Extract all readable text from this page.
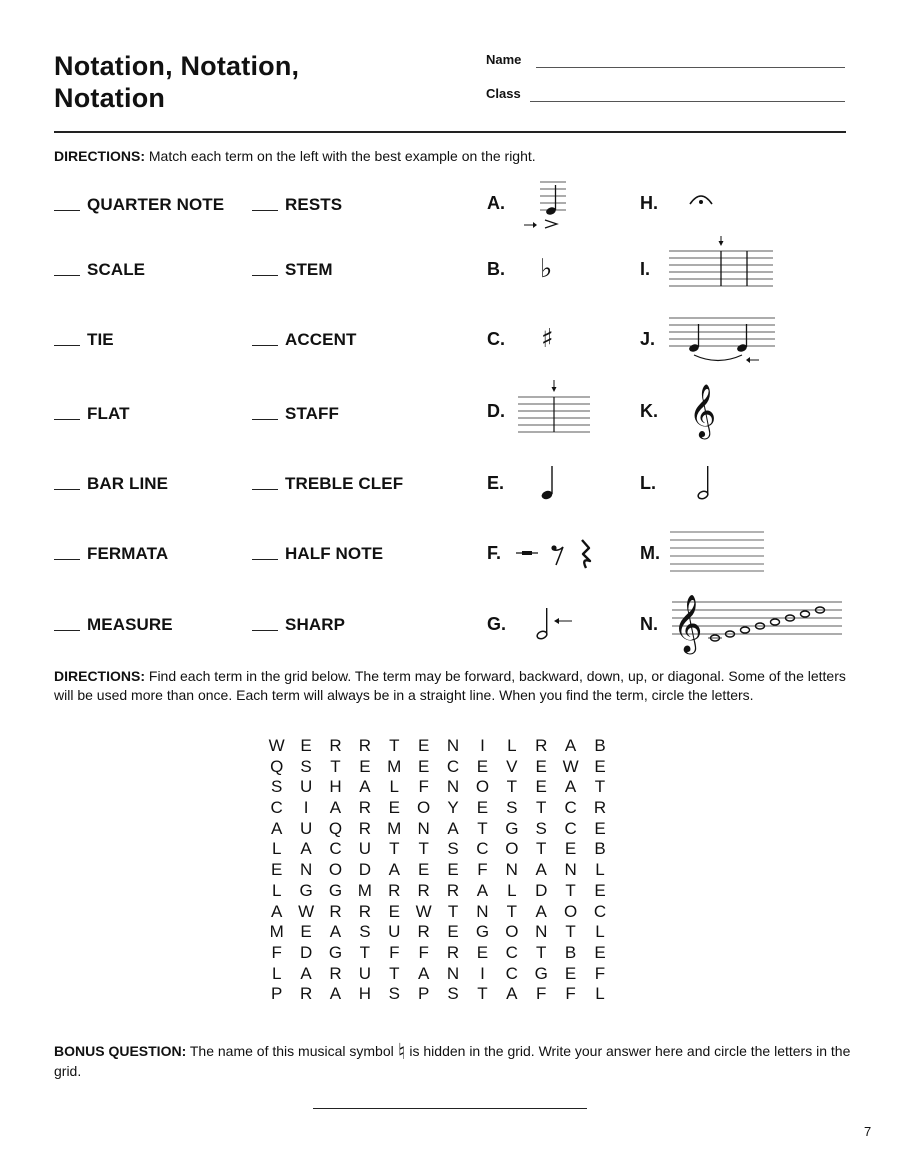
Notation, Notation,
Notation
Name
Class
DIRECTIONS: Match each term on the left with the best example on the right.
QUARTER NOTE
SCALE
TIE
FLAT
BAR LINE
FERMATA
MEASURE
RESTS
STEM
ACCENT
STAFF
TREBLE CLEF
HALF NOTE
SHARP
A.
B.
C.
D.
E.
F.
G.
H.
I.
J.
K.
L.
M.
N.
♭
♯
𝄞
𝄞
DIRECTIONS: Find each term in the grid below. The term may be forward, backward, down, up, or diagonal. Some of the letters will be used more than once. Each term will always be in a straight line. When you find the term, circle the letters.
W E	R	R	T	E	N	I	L	R	A	B
Q	S	T	E M E	C	E	V	E W E
S	U	H	A	L	F	N O	T	E	A	T
C	I	A	R	E	O	Y	E	S	T	C	R
A	U Q R M N	A	T	G	S	C	E
L	A	C	U	T	T	S	C O	T	E	B
E	N O D	A	E	E	F	N	A	N	L
L	G G M R	R	R	A	L	D	T	E
A W R	R	E W T	N	T	A	O C
M E	A	S	U	R	E	G O N	T	L
F	D G	T	F	F	R	E	C	T	B	E
L	A	R	U	T	A	N	I	C G	E	F
P	R	A	H	S	P	S	T	A	F	F	L
BONUS QUESTION: The name of this musical symbol ♮ is hidden in the grid. Write your answer here and circle the letters in the grid.
7
